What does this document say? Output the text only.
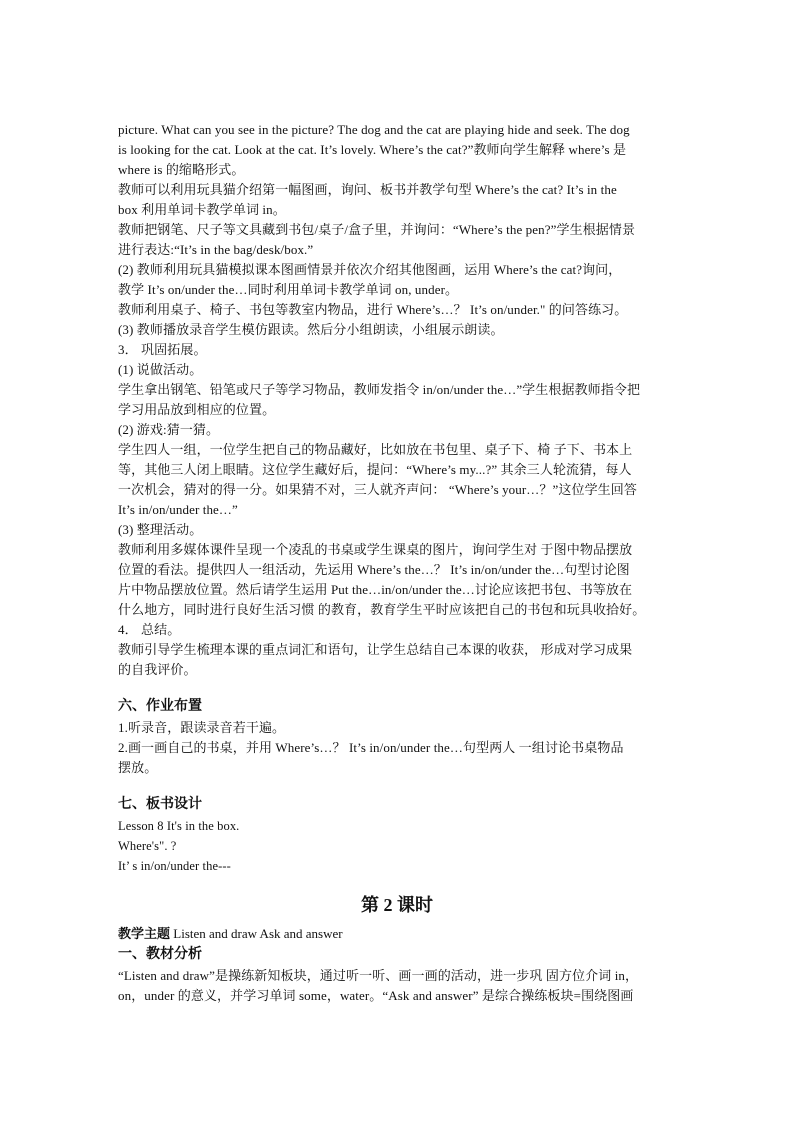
picture. What can you see in the picture? The dog and the cat are playing hide and seek. The dog
is looking for the cat. Look at the cat. It’s lovely. Where’s the cat?”教师向学生解释 where’s 是
where is 的缩略形式。
教师可以利用玩具猫介绍第一幅图画，询问、板书并教学句型 Where’s the cat? It’s in the
box 利用单词卡教学单词 in。
教师把钢笔、尺子等文具藏到书包/桌子/盒子里，并询问：“Where’s the pen?”学生根据情景
进行表达:“It’s in the bag/desk/box.”
(2) 教师利用玩具猫模拟课本图画情景并依次介绍其他图画，运用 Where’s the cat?询问，
教学 It’s on/under the…同时利用单词卡教学单词 on, under。
教师利用桌子、椅子、书包等教室内物品，进行 Where’s…？ It’s on/under." 的问答练习。
(3) 教师播放录音学生模仿跟读。然后分小组朗读，小组展示朗读。
3． 巩固拓展。
(1) 说做活动。
学生拿出钢笔、铅笔或尺子等学习物品，教师发指令 in/on/under the…”学生根据教师指令把
学习用品放到相应的位置。
(2) 游戏:猜一猜。
学生四人一组，一位学生把自己的物品藏好，比如放在书包里、桌子下、椅 子下、书本上
等，其他三人闭上眼睛。这位学生藏好后，提问：“Where’s my...?” 其余三人轮流猜，每人
一次机会，猜对的得一分。如果猜不对，三人就齐声问： “Where’s your…？”这位学生回答
It’s in/on/under the…”
(3) 整理活动。
教师利用多媒体课件呈现一个凌乱的书桌或学生课桌的图片，询问学生对 于图中物品摆放
位置的看法。提供四人一组活动，先运用 Where’s the…？ It’s in/on/under the…句型讨论图
片中物品摆放位置。然后请学生运用 Put the…in/on/under the…讨论应该把书包、书等放在
什么地方，同时进行良好生活习惯 的教育，教育学生平时应该把自己的书包和玩具收拾好。
4． 总结。
教师引导学生梳理本课的重点词汇和语句，让学生总结自己本课的收获， 形成对学习成果
的自我评价。
六、作业布置
1.听录音，跟读录音若干遍。
2.画一画自己的书桌，并用 Where’s…？ It’s in/on/under the…句型两人 一组讨论书桌物品
摆放。
七、板书设计
Lesson 8 It's in the box.
Where's". ?
It’ s in/on/under the---
第 2 课时
教学主题 Listen and draw Ask and answer
一、教材分析
“Listen and draw”是操练新知板块，通过听一听、画一画的活动，进一步巩 固方位介词 in，
on，under 的意义，并学习单词 some，water。“Ask and answer” 是综合操练板块=围绕图画
